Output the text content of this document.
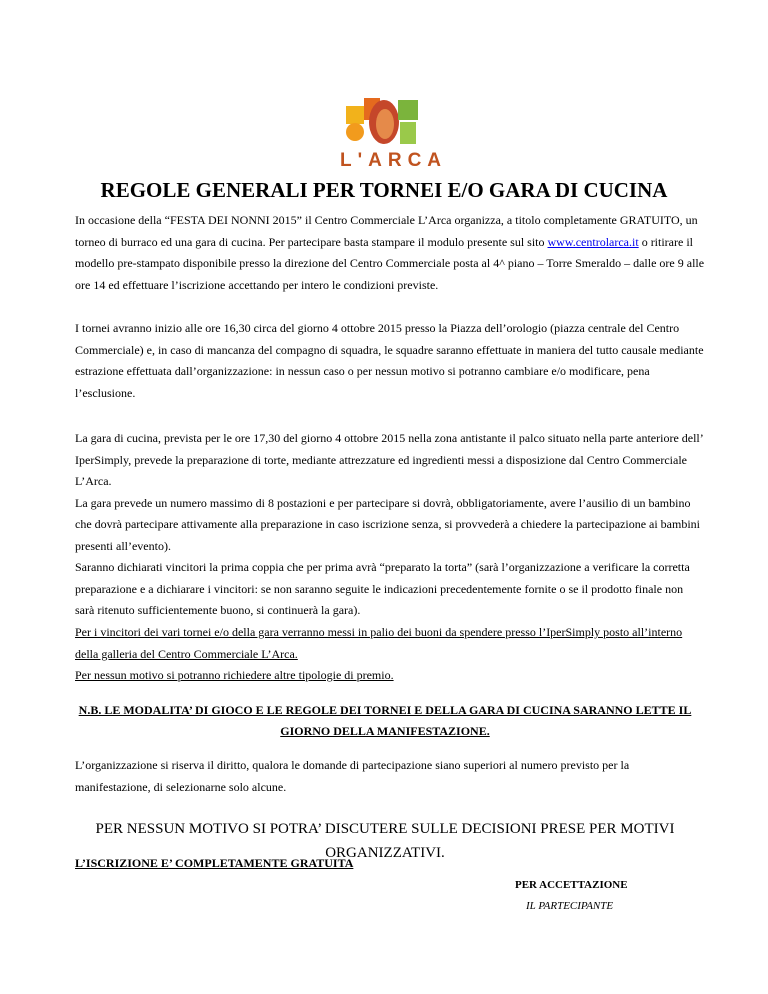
L'ARCA
REGOLE GENERALI PER TORNEI E/O GARA DI CUCINA

In occasione della “FESTA DEI NONNI 2015” il Centro Commerciale L’Arca organizza, a titolo completamente GRATUITO, un torneo di burraco ed una gara di cucina. Per partecipare basta stampare il modulo presente sul sito www.centrolarca.it o ritirare il modello pre-stampato disponibile presso la direzione del Centro Commerciale posta al 4^ piano – Torre Smeraldo – dalle ore 9 alle ore 14 ed effettuare l’iscrizione accettando per intero le condizioni previste.

I tornei avranno inizio alle ore 16,30 circa del giorno 4 ottobre 2015 presso la Piazza dell’orologio (piazza centrale del Centro Commerciale) e, in caso di mancanza del compagno di squadra, le squadre saranno effettuate in maniera del tutto causale mediante estrazione effettuata dall’organizzazione: in nessun caso o per nessun motivo si potranno cambiare e/o modificare, pena l’esclusione.

La gara di cucina, prevista per le ore 17,30 del giorno 4 ottobre 2015 nella zona antistante il palco situato nella parte anteriore dell’ IperSimply, prevede la preparazione di torte, mediante attrezzature ed ingredienti messi a disposizione dal Centro Commerciale L’Arca.
La gara prevede un numero massimo di 8 postazioni e per partecipare si dovrà, obbligatoriamente, avere l’ausilio di un bambino che dovrà partecipare attivamente alla preparazione in caso iscrizione senza, si provvederà a chiedere la partecipazione ai bambini presenti all’evento).
Saranno dichiarati vincitori la prima coppia che per prima avrà “preparato la torta” (sarà l’organizzazione a verificare la corretta preparazione e a dichiarare i vincitori: se non saranno seguite le indicazioni precedentemente fornite o se il prodotto finale non sarà ritenuto sufficientemente buono, si continuerà la gara).
Per i vincitori dei vari tornei e/o della gara verranno messi in palio dei buoni da spendere presso l’IperSimply posto all’interno della galleria del Centro Commerciale L’Arca.
Per nessun motivo si potranno richiedere altre tipologie di premio.

N.B. LE MODALITA’ DI GIOCO E LE REGOLE DEI TORNEI E DELLA GARA DI CUCINA SARANNO LETTE IL GIORNO DELLA MANIFESTAZIONE.

L’organizzazione si riserva il diritto, qualora le domande di partecipazione siano superiori al numero previsto per la manifestazione, di selezionarne solo alcune.

PER NESSUN MOTIVO SI POTRA’ DISCUTERE SULLE DECISIONI PRESE PER MOTIVI ORGANIZZATIVI.

L’ISCRIZIONE E’ COMPLETAMENTE GRATUITA

PER ACCETTAZIONE
IL PARTECIPANTE
